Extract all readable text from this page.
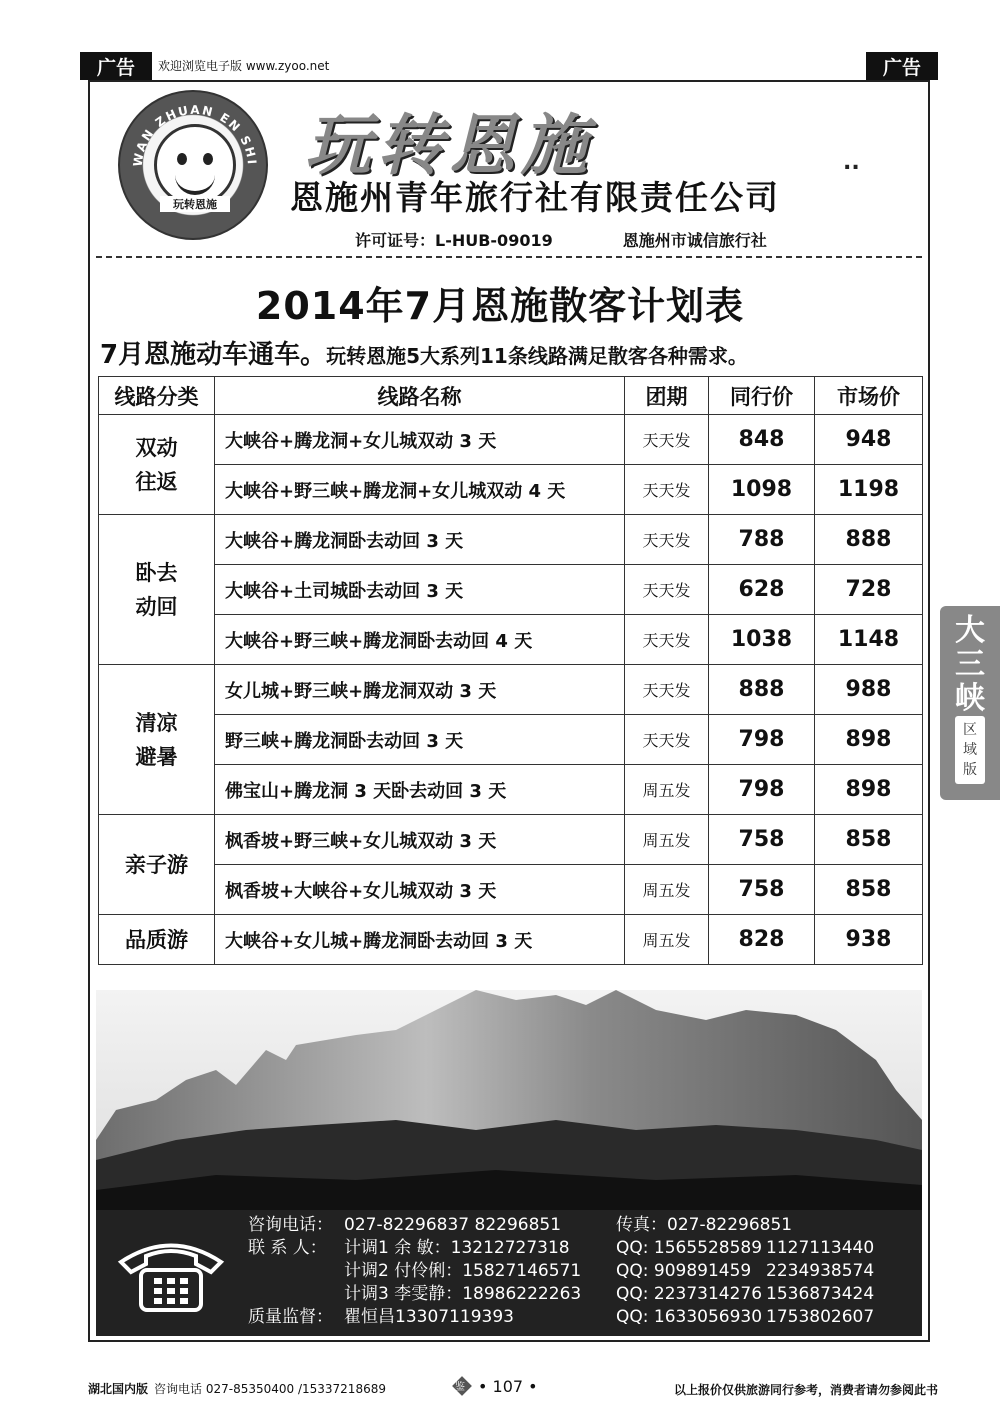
广告	广告
欢迎浏览电子版 www.zyoo.net
WAN ZHUAN EN SHI
玩转恩施
玩转恩施	..
恩施州青年旅行社有限责任公司
许可证号：L-HUB-09019	恩施州市诚信旅行社
2014年7月恩施散客计划表
7月恩施动车通车。玩转恩施5大系列11条线路满足散客各种需求。
线路分类	线路名称	团期	同行价	市场价
双动
往返	大峡谷+腾龙洞+女儿城双动 3 天	天天发	848	948
	大峡谷+野三峡+腾龙洞+女儿城双动 4 天	天天发	1098	1198
卧去
动回	大峡谷+腾龙洞卧去动回 3 天	天天发	788	888
	大峡谷+土司城卧去动回 3 天	天天发	628	728
	大峡谷+野三峡+腾龙洞卧去动回 4 天	天天发	1038	1148
清凉
避暑	女儿城+野三峡+腾龙洞双动 3 天	天天发	888	988
	野三峡+腾龙洞卧去动回 3 天	天天发	798	898
	佛宝山+腾龙洞 3 天卧去动回 3 天	周五发	798	898
亲子游	枫香坡+野三峡+女儿城双动 3 天	周五发	758	858
	枫香坡+大峡谷+女儿城双动 3 天	周五发	758	858
品质游	大峡谷+女儿城+腾龙洞卧去动回 3 天	周五发	828	938
咨询电话： 027-82296837 82296851	传真：027-82296851
联 系 人：	计调1 余 敏：13212727318	QQ: 1565528589 1127113440
计调2 付伶俐：15827146571	QQ: 909891459 2234938574
计调3 李雯静：18986222263	QQ: 2237314276 1536873424
质量监督： 瞿恒昌13307119393	QQ: 1633056930 1753802607
大
三
峡
区
域
版
湖北国内版 咨询电话 027-85350400 /15337218689	鉴 • 107 •	以上报价仅供旅游同行参考，消费者请勿参阅此书
